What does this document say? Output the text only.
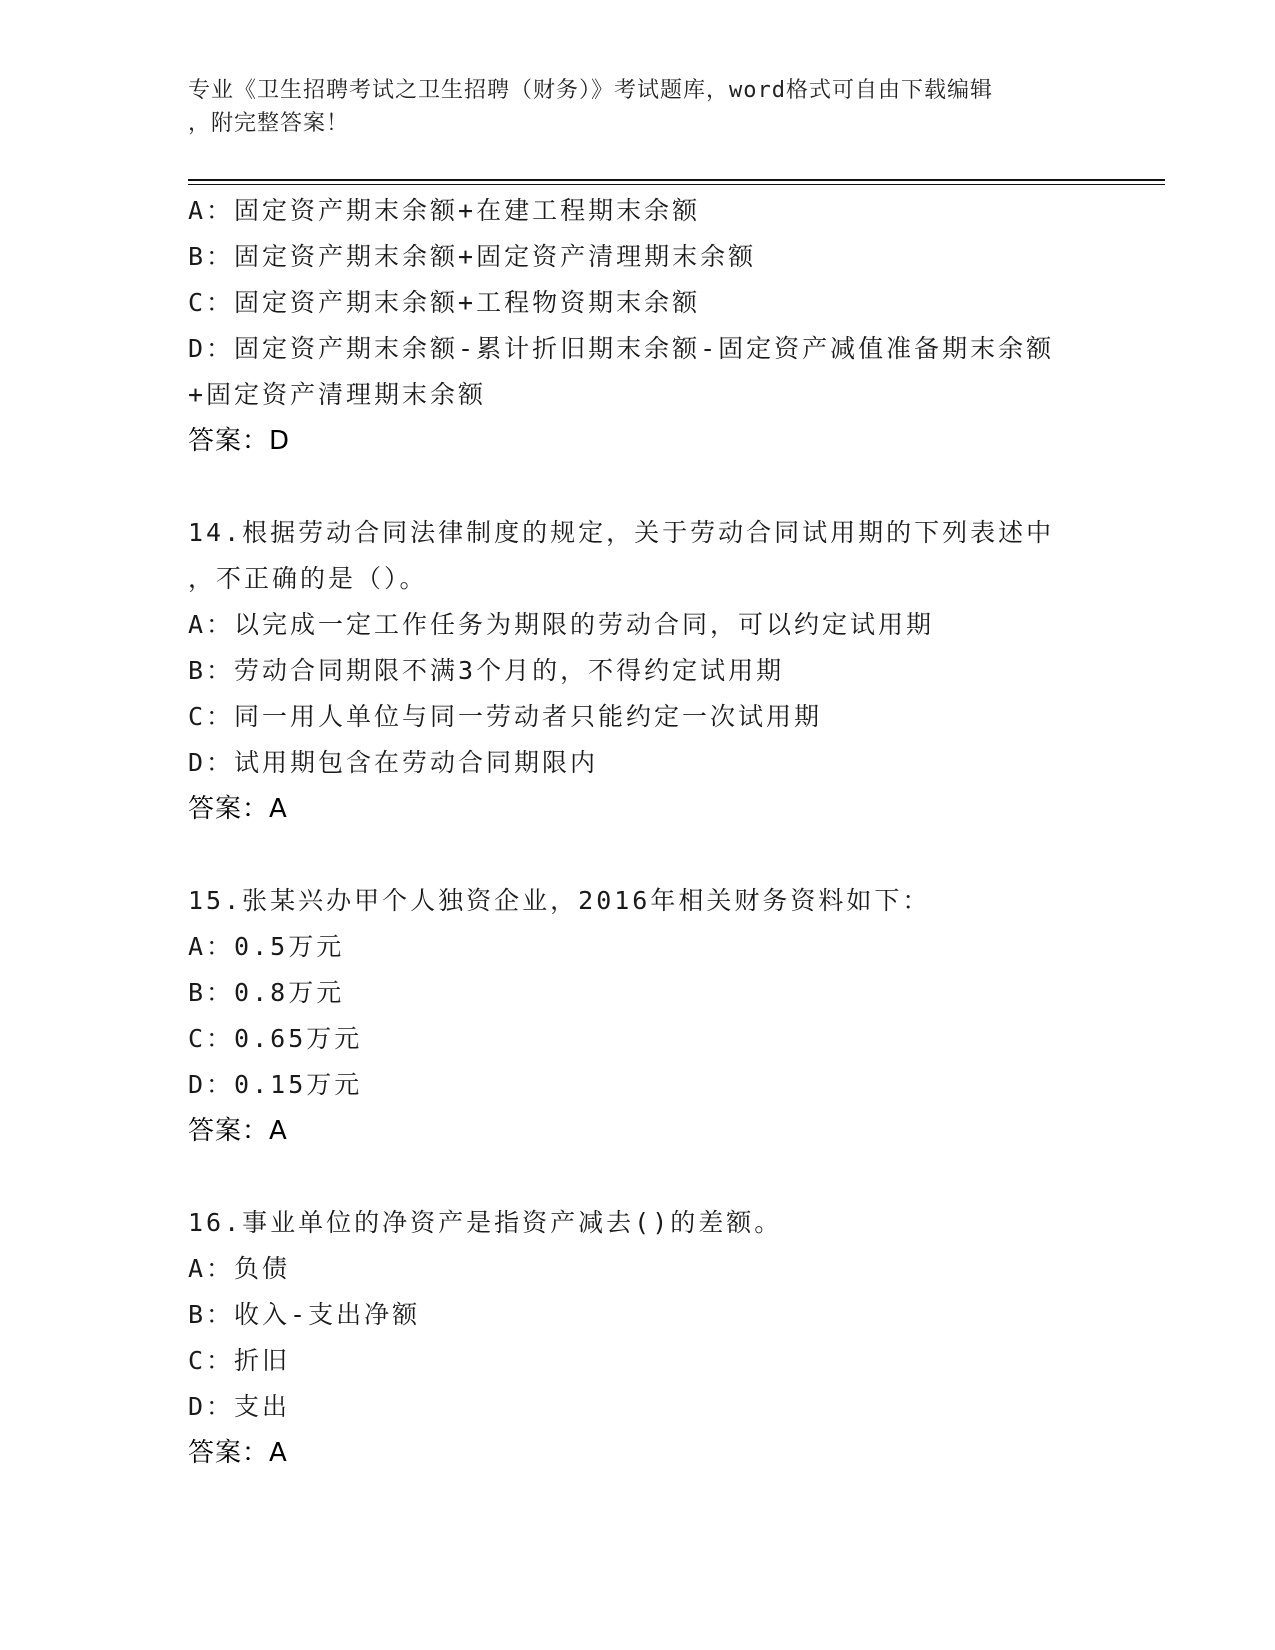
专业《卫生招聘考试之卫生招聘（财务）》考试题库，word格式可自由下载编辑
，附完整答案！
A：固定资产期末余额+在建工程期末余额
B：固定资产期末余额+固定资产清理期末余额
C：固定资产期末余额+工程物资期末余额
D：固定资产期末余额-累计折旧期末余额-固定资产减值准备期末余额
+固定资产清理期末余额
答案：D
14.根据劳动合同法律制度的规定，关于劳动合同试用期的下列表述中
，不正确的是（）。
A：以完成一定工作任务为期限的劳动合同，可以约定试用期
B：劳动合同期限不满3个月的，不得约定试用期
C：同一用人单位与同一劳动者只能约定一次试用期
D：试用期包含在劳动合同期限内
答案：A
15.张某兴办甲个人独资企业，2016年相关财务资料如下：
A：0.5万元
B：0.8万元
C：0.65万元
D：0.15万元
答案：A
16.事业单位的净资产是指资产减去()的差额。
A：负债
B：收入-支出净额
C：折旧
D：支出
答案：A
